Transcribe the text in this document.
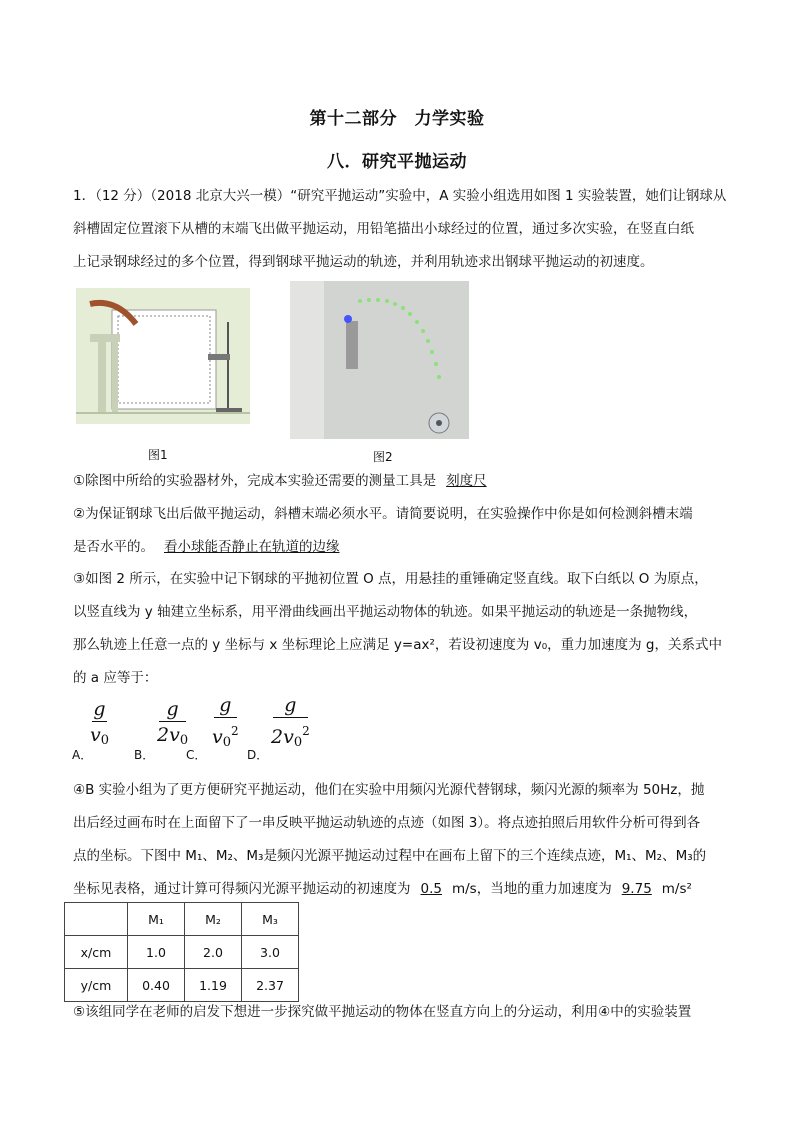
第十二部分　力学实验
八．研究平抛运动
1．（12 分）（2018 北京大兴一模）“研究平抛运动”实验中，A 实验小组选用如图 1 实验装置，她们让钢球从
斜槽固定位置滚下从槽的末端飞出做平抛运动，用铅笔描出小球经过的位置，通过多次实验，在竖直白纸
上记录钢球经过的多个位置，得到钢球平抛运动的轨迹，并利用轨迹求出钢球平抛运动的初速度。
图1	图2
①除图中所给的实验器材外，完成本实验还需要的测量工具是 刻度尺
②为保证钢球飞出后做平抛运动，斜槽末端必须水平。请简要说明，在实验操作中你是如何检测斜槽末端
是否水平的。 看小球能否静止在轨道的边缘
③如图 2 所示，在实验中记下钢球的平抛初位置 O 点，用悬挂的重锤确定竖直线。取下白纸以 O 为原点，
以竖直线为 y 轴建立坐标系，用平滑曲线画出平抛运动物体的轨迹。如果平抛运动的轨迹是一条抛物线，
那么轨迹上任意一点的 y 坐标与 x 坐标理论上应满足 y=ax²，若设初速度为 v₀，重力加速度为 g，关系式中
的 a 应等于：
g
$v_0$
A．
g
$2v_0$
B．
g
$v_0^2$
C．
g
$2v_0^2$
D．
④B 实验小组为了更方便研究平抛运动，他们在实验中用频闪光源代替钢球，频闪光源的频率为 50Hz，抛
出后经过画布时在上面留下了一串反映平抛运动轨迹的点迹（如图 3）。将点迹拍照后用软件分析可得到各
点的坐标。下图中 M₁、M₂、M₃是频闪光源平抛运动过程中在画布上留下的三个连续点迹，M₁、M₂、M₃的
坐标见表格，通过计算可得频闪光源平抛运动的初速度为 0.5 m/s，当地的重力加速度为 9.75 m/s²
	M₁	M₂	M₃
x/cm	1.0	2.0	3.0
y/cm	0.40	1.19	2.37
⑤该组同学在老师的启发下想进一步探究做平抛运动的物体在竖直方向上的分运动，利用④中的实验装置
